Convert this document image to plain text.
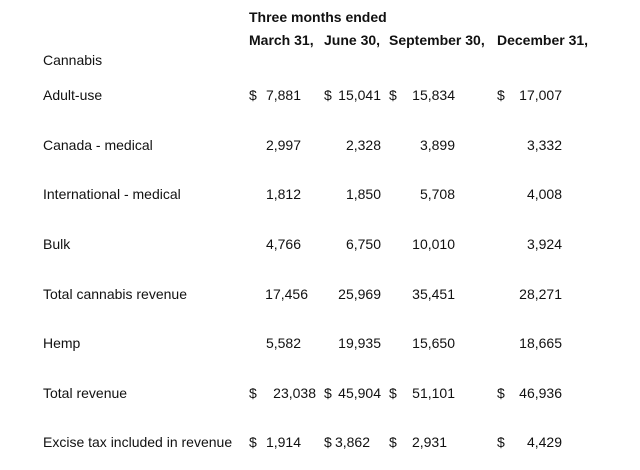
Three months ended
March 31, June 30, September 30, December 31,
Cannabis
Adult-use	$ 7,881 $ 15,041 $ 15,834	$ 17,007
Canada - medical	2,997	2,328	3,899	3,332
International - medical	1,812	1,850	5,708	4,008
Bulk	4,766	6,750 10,010	3,924
Total cannabis revenue	17,456 25,969 35,451	28,271
Hemp	5,582	19,935 15,650	18,665
Total revenue	$ 23,038 $ 45,904 $ 51,101	$ 46,936
Excise tax included in revenue $ 1,914 $ 3,862 $ 2,931	$ 4,429
